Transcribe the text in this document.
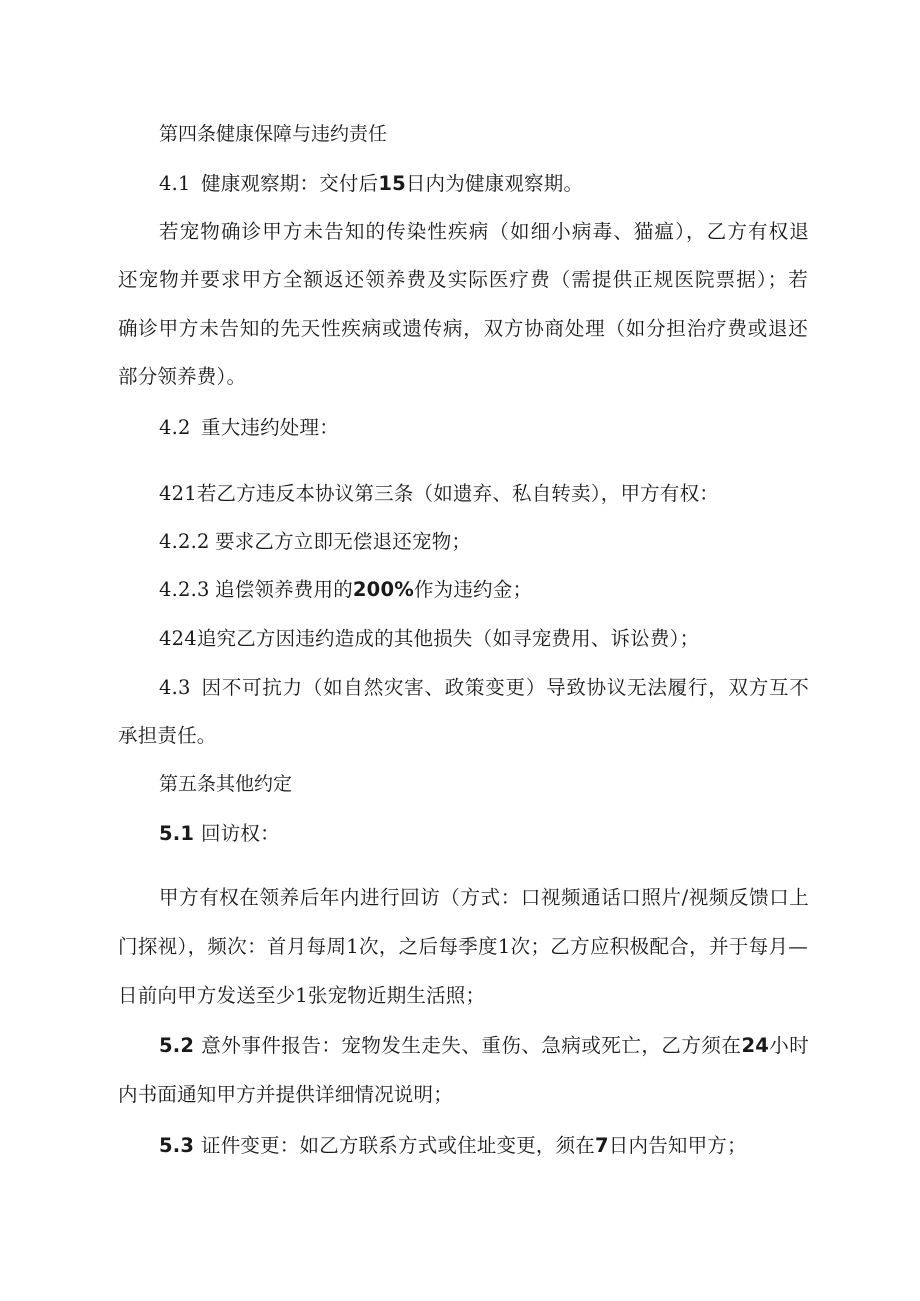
第四条健康保障与违约责任
4.1 健康观察期：交付后15日内为健康观察期。
若宠物确诊甲方未告知的传染性疾病（如细小病毒、猫瘟），乙方有权退
还宠物并要求甲方全额返还领养费及实际医疗费（需提供正规医院票据）；若
确诊甲方未告知的先天性疾病或遗传病，双方协商处理（如分担治疗费或退还
部分领养费）。
4.2 重大违约处理：
421若乙方违反本协议第三条（如遗弃、私自转卖），甲方有权：
4.2.2 要求乙方立即无偿退还宠物；
4.2.3 追偿领养费用的200%作为违约金；
424追究乙方因违约造成的其他损失（如寻宠费用、诉讼费）；
4.3 因不可抗力（如自然灾害、政策变更）导致协议无法履行，双方互不
承担责任。
第五条其他约定
5.1 回访权：
甲方有权在领养后年内进行回访（方式：口视频通话口照片/视频反馈口上
门探视），频次：首月每周1次，之后每季度1次；乙方应积极配合，并于每月—
日前向甲方发送至少1张宠物近期生活照；
5.2 意外事件报告：宠物发生走失、重伤、急病或死亡，乙方须在24小时
内书面通知甲方并提供详细情况说明；
5.3 证件变更：如乙方联系方式或住址变更，须在7日内告知甲方；
